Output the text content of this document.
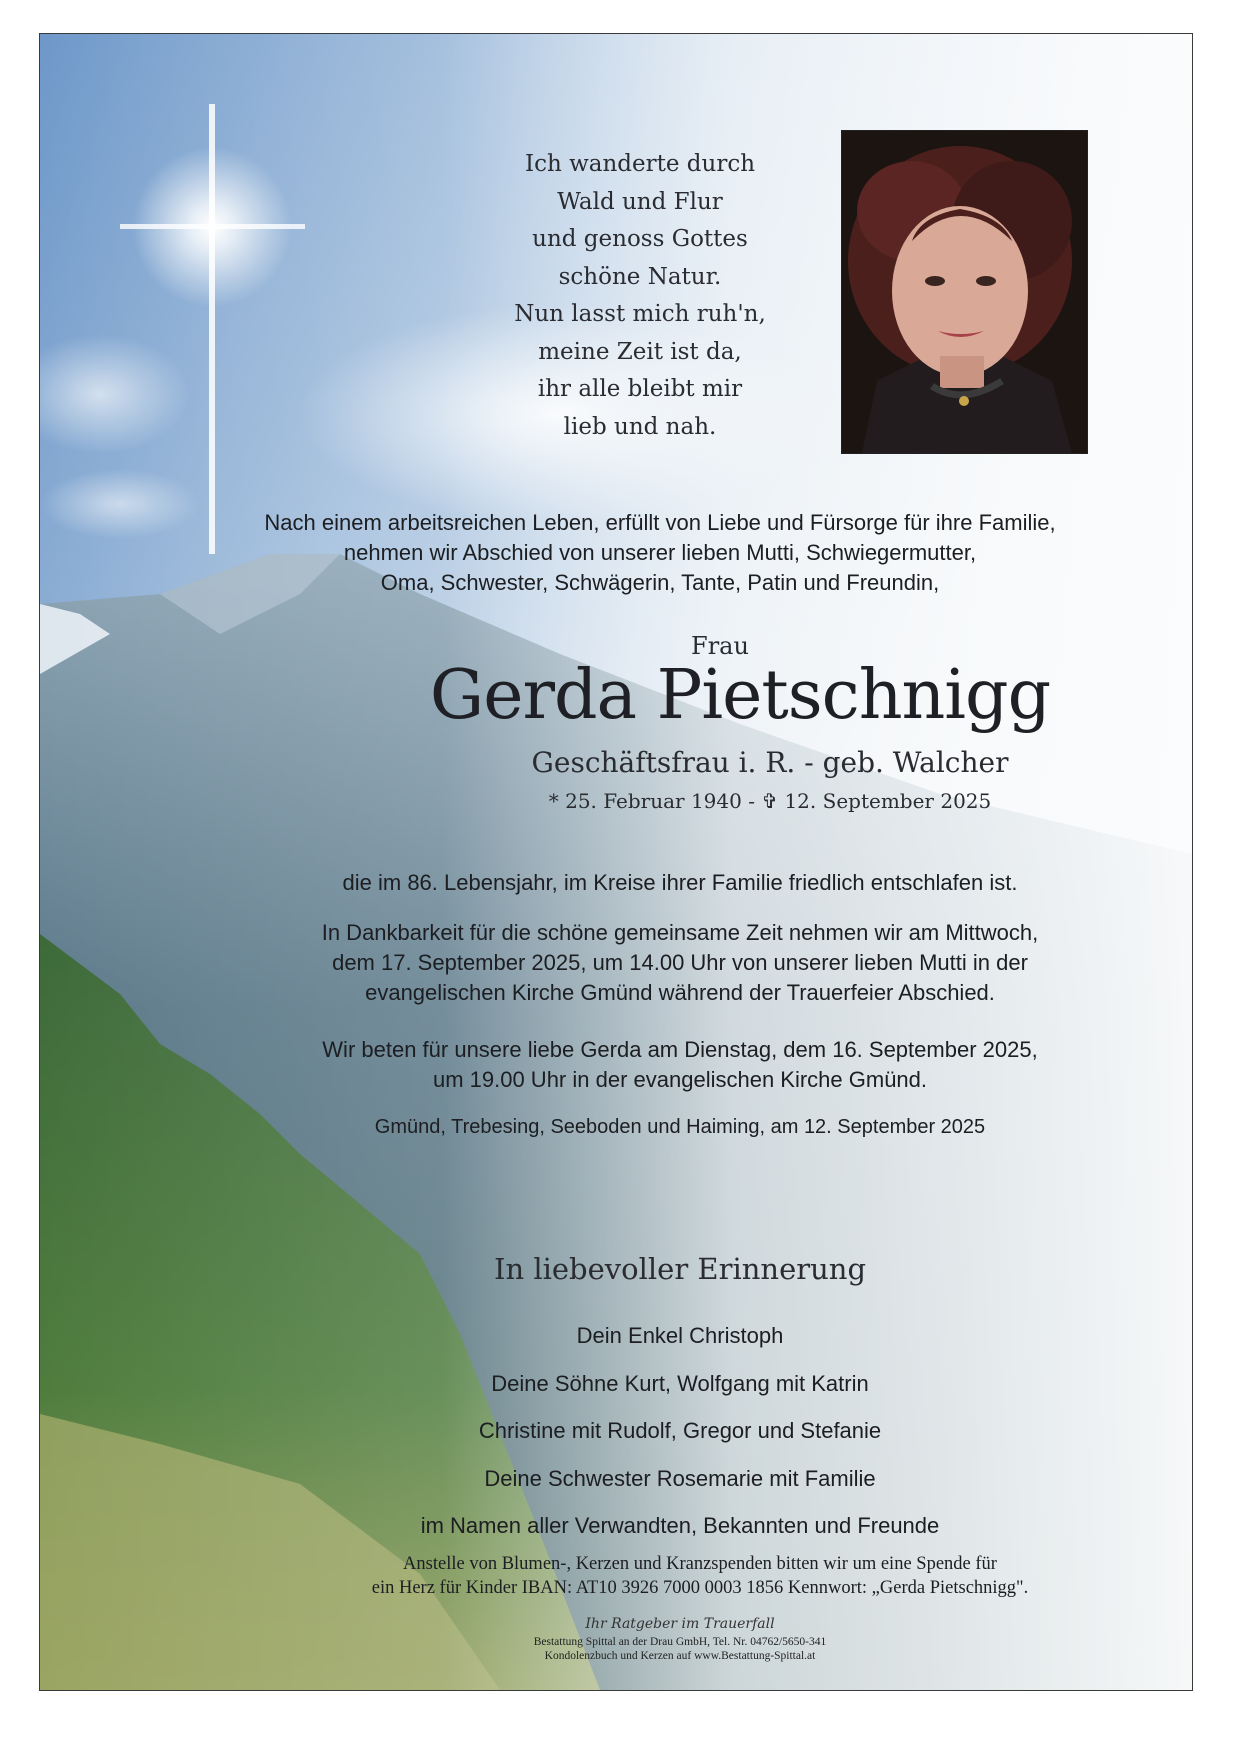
Ich wanderte durch
Wald und Flur
und genoss Gottes
schöne Natur.
Nun lasst mich ruh'n,
meine Zeit ist da,
ihr alle bleibt mir
lieb und nah.
Nach einem arbeitsreichen Leben, erfüllt von Liebe und Fürsorge für ihre Familie,
nehmen wir Abschied von unserer lieben Mutti, Schwiegermutter,
Oma, Schwester, Schwägerin, Tante, Patin und Freundin,
Frau
Gerda Pietschnigg
Geschäftsfrau i. R. - geb. Walcher
* 25. Februar 1940 - ✞ 12. September 2025
die im 86. Lebensjahr, im Kreise ihrer Familie friedlich entschlafen ist.
In Dankbarkeit für die schöne gemeinsame Zeit nehmen wir am Mittwoch,
dem 17. September 2025, um 14.00 Uhr von unserer lieben Mutti in der
evangelischen Kirche Gmünd während der Trauerfeier Abschied.
Wir beten für unsere liebe Gerda am Dienstag, dem 16. September 2025,
um 19.00 Uhr in der evangelischen Kirche Gmünd.
Gmünd, Trebesing, Seeboden und Haiming, am 12. September 2025
In liebevoller Erinnerung
Dein Enkel Christoph
Deine Söhne Kurt, Wolfgang mit Katrin
Christine mit Rudolf, Gregor und Stefanie
Deine Schwester Rosemarie mit Familie
im Namen aller Verwandten, Bekannten und Freunde
Anstelle von Blumen-, Kerzen und Kranzspenden bitten wir um eine Spende für
ein Herz für Kinder IBAN: AT10 3926 7000 0003 1856 Kennwort: „Gerda Pietschnigg".
Ihr Ratgeber im Trauerfall
Bestattung Spittal an der Drau GmbH, Tel. Nr. 04762/5650-341
Kondolenzbuch und Kerzen auf www.Bestattung-Spittal.at
